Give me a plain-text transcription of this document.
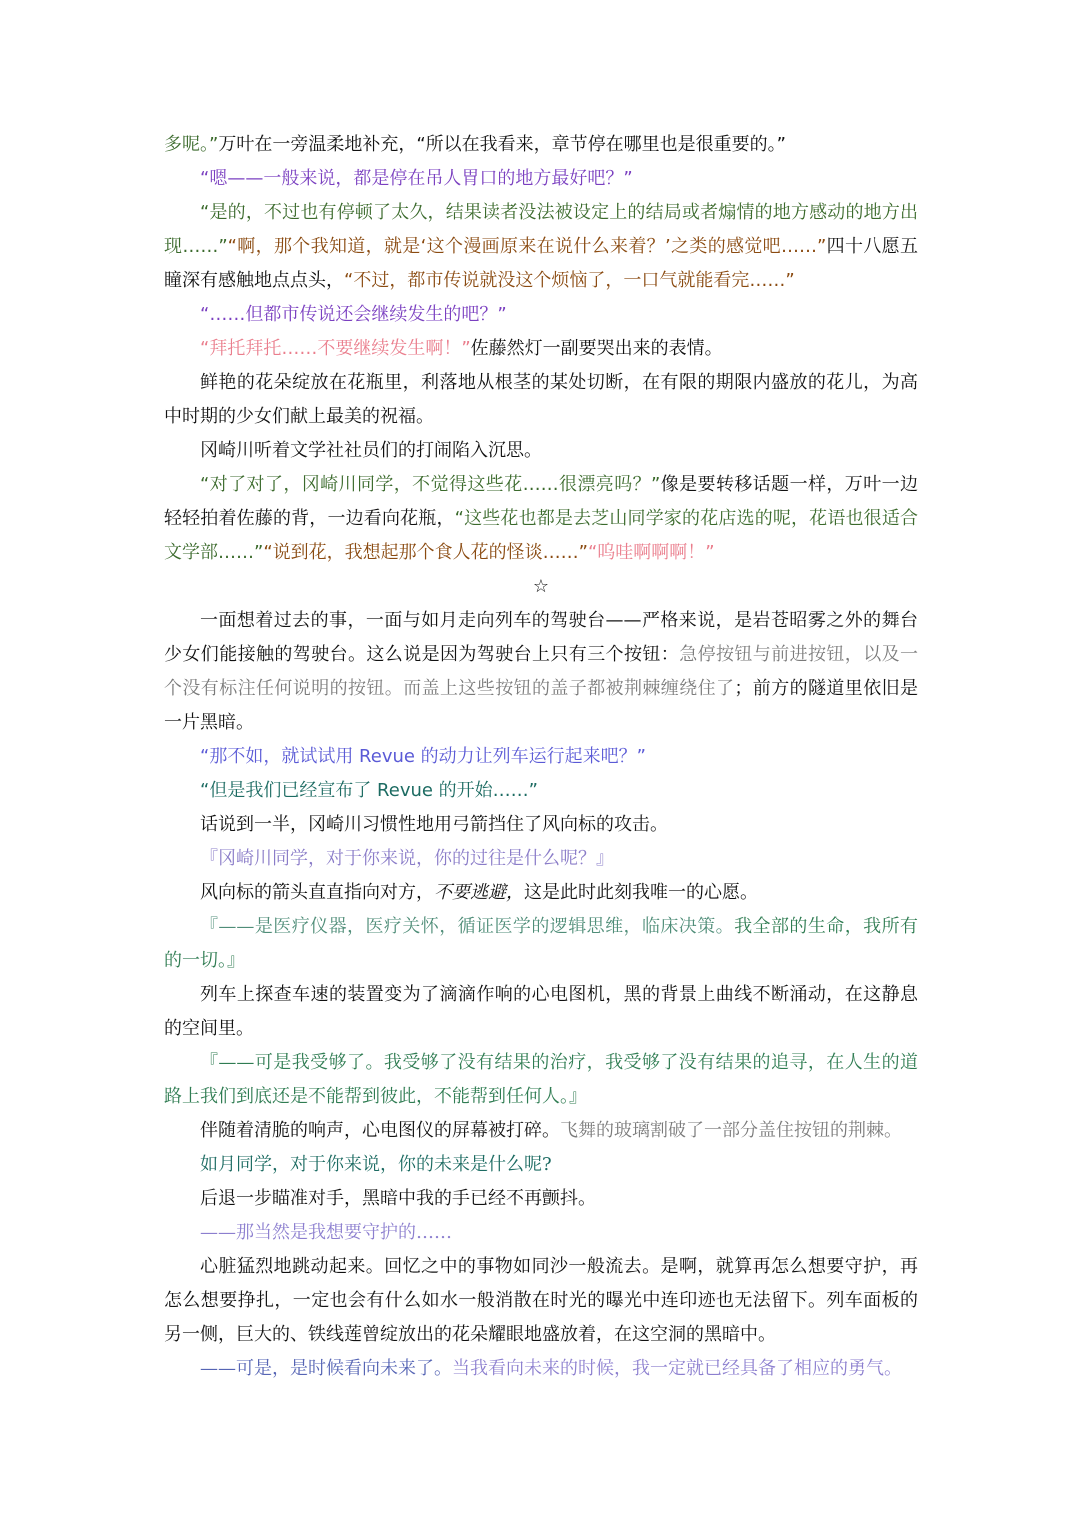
多呢。”万叶在一旁温柔地补充，“所以在我看来，章节停在哪里也是很重要的。”

“嗯——一般来说，都是停在吊人胃口的地方最好吧？”

“是的，不过也有停顿了太久，结果读者没法被设定上的结局或者煽情的地方感动的地方出现……”“啊，那个我知道，就是‘这个漫画原来在说什么来着？’之类的感觉吧……”四十八愿五瞳深有感触地点点头，“不过，都市传说就没这个烦恼了，一口气就能看完……”

“……但都市传说还会继续发生的吧？”

“拜托拜托……不要继续发生啊！”佐藤然灯一副要哭出来的表情。

鲜艳的花朵绽放在花瓶里，利落地从根茎的某处切断，在有限的期限内盛放的花儿，为高中时期的少女们献上最美的祝福。

冈崎川听着文学社社员们的打闹陷入沉思。

“对了对了，冈崎川同学，不觉得这些花……很漂亮吗？”像是要转移话题一样，万叶一边轻轻拍着佐藤的背，一边看向花瓶，“这些花也都是去芝山同学家的花店选的呢，花语也很适合文学部……”“说到花，我想起那个食人花的怪谈……”“呜哇啊啊啊！”

☆

一面想着过去的事，一面与如月走向列车的驾驶台——严格来说，是岩苍昭雾之外的舞台少女们能接触的驾驶台。这么说是因为驾驶台上只有三个按钮：急停按钮与前进按钮，以及一个没有标注任何说明的按钮。而盖上这些按钮的盖子都被荆棘缠绕住了；前方的隧道里依旧是一片黑暗。

“那不如，就试试用 Revue 的动力让列车运行起来吧？”

“但是我们已经宣布了 Revue 的开始……”

话说到一半，冈崎川习惯性地用弓箭挡住了风向标的攻击。

『冈崎川同学，对于你来说，你的过往是什么呢？』

风向标的箭头直直指向对方，不要逃避，这是此时此刻我唯一的心愿。

『——是医疗仪器，医疗关怀，循证医学的逻辑思维，临床决策。我全部的生命，我所有的一切。』

列车上探查车速的装置变为了滴滴作响的心电图机，黑的背景上曲线不断涌动，在这静息的空间里。

『——可是我受够了。我受够了没有结果的治疗，我受够了没有结果的追寻，在人生的道路上我们到底还是不能帮到彼此，不能帮到任何人。』

伴随着清脆的响声，心电图仪的屏幕被打碎。飞舞的玻璃割破了一部分盖住按钮的荆棘。

如月同学，对于你来说，你的未来是什么呢?

后退一步瞄准对手，黑暗中我的手已经不再颤抖。

——那当然是我想要守护的……

心脏猛烈地跳动起来。回忆之中的事物如同沙一般流去。是啊，就算再怎么想要守护，再怎么想要挣扎，一定也会有什么如水一般消散在时光的曝光中连印迹也无法留下。列车面板的另一侧，巨大的、铁线莲曾绽放出的花朵耀眼地盛放着，在这空洞的黑暗中。

——可是，是时候看向未来了。当我看向未来的时候，我一定就已经具备了相应的勇气。
